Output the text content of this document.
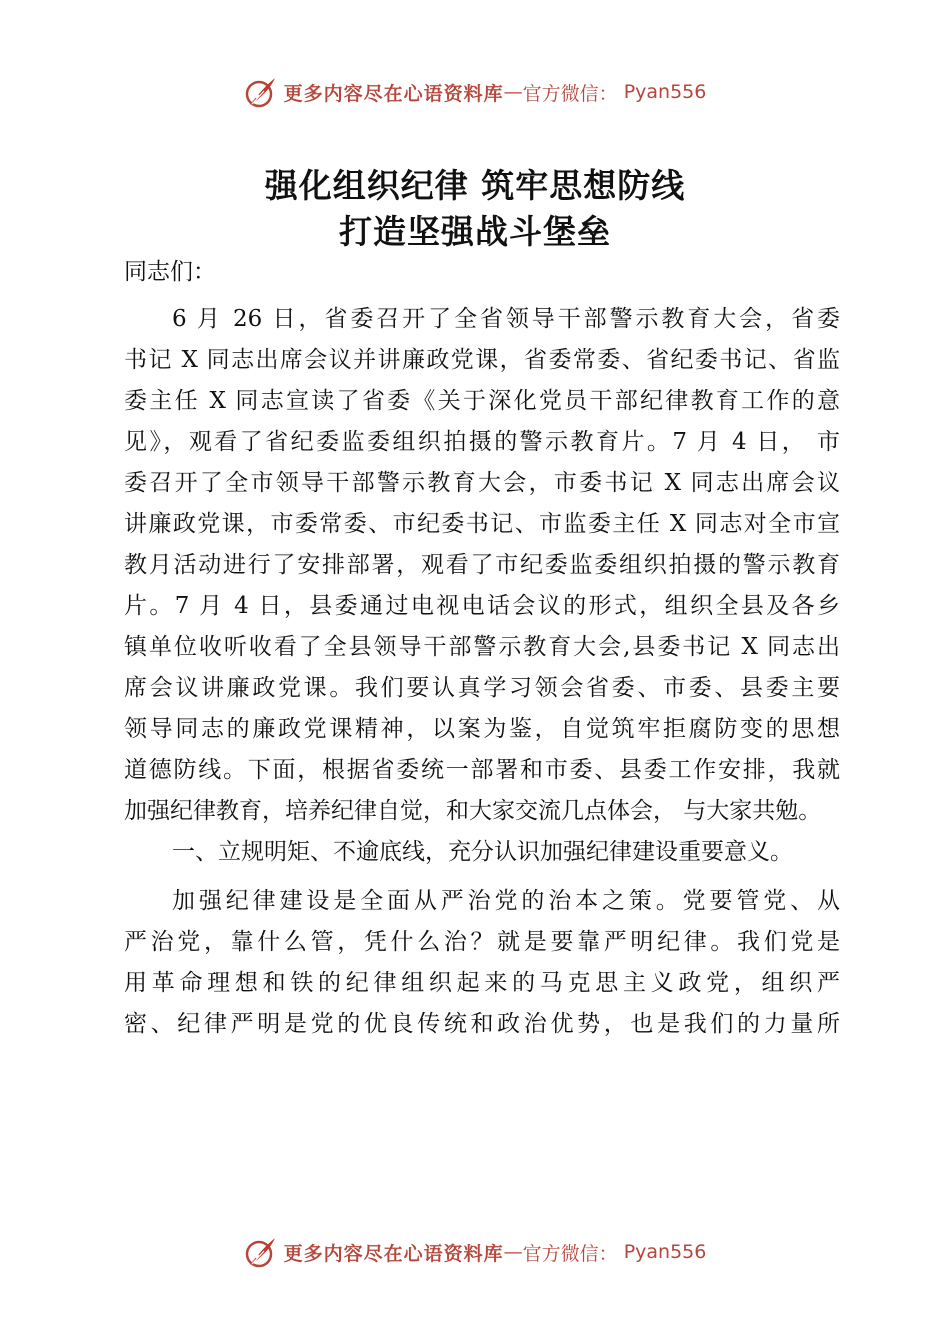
更多内容尽在心语资料库 — 官方微信： Pyan556
强化组织纪律 筑牢思想防线
打造坚强战斗堡垒
同志们：
6 月 26 日，省委召开了全省领导干部警示教育大会，省委
书记 X 同志出席会议并讲廉政党课，省委常委、省纪委书记、省监
委主任 X 同志宣读了省委《关于深化党员干部纪律教育工作的意
见》，观看了省纪委监委组织拍摄的警示教育片。7 月 4 日， 市
委召开了全市领导干部警示教育大会，市委书记 X 同志出席会议
讲廉政党课，市委常委、市纪委书记、市监委主任 X 同志对全市宣
教月活动进行了安排部署，观看了市纪委监委组织拍摄的警示教育
片。7 月 4 日，县委通过电视电话会议的形式，组织全县及各乡
镇单位收听收看了全县领导干部警示教育大会,县委书记 X 同志出
席会议讲廉政党课。我们要认真学习领会省委、市委、县委主要
领导同志的廉政党课精神，以案为鉴，自觉筑牢拒腐防变的思想
道德防线。下面，根据省委统一部署和市委、县委工作安排，我就
加强纪律教育，培养纪律自觉，和大家交流几点体会， 与大家共勉。
一、立规明矩、不逾底线，充分认识加强纪律建设重要意义。
加强纪律建设是全面从严治党的治本之策。党要管党、从
严治党，靠什么管，凭什么治？就是要靠严明纪律。我们党是
用革命理想和铁的纪律组织起来的马克思主义政党，组织严
密、纪律严明是党的优良传统和政治优势，也是我们的力量所
更多内容尽在心语资料库 — 官方微信： Pyan556
